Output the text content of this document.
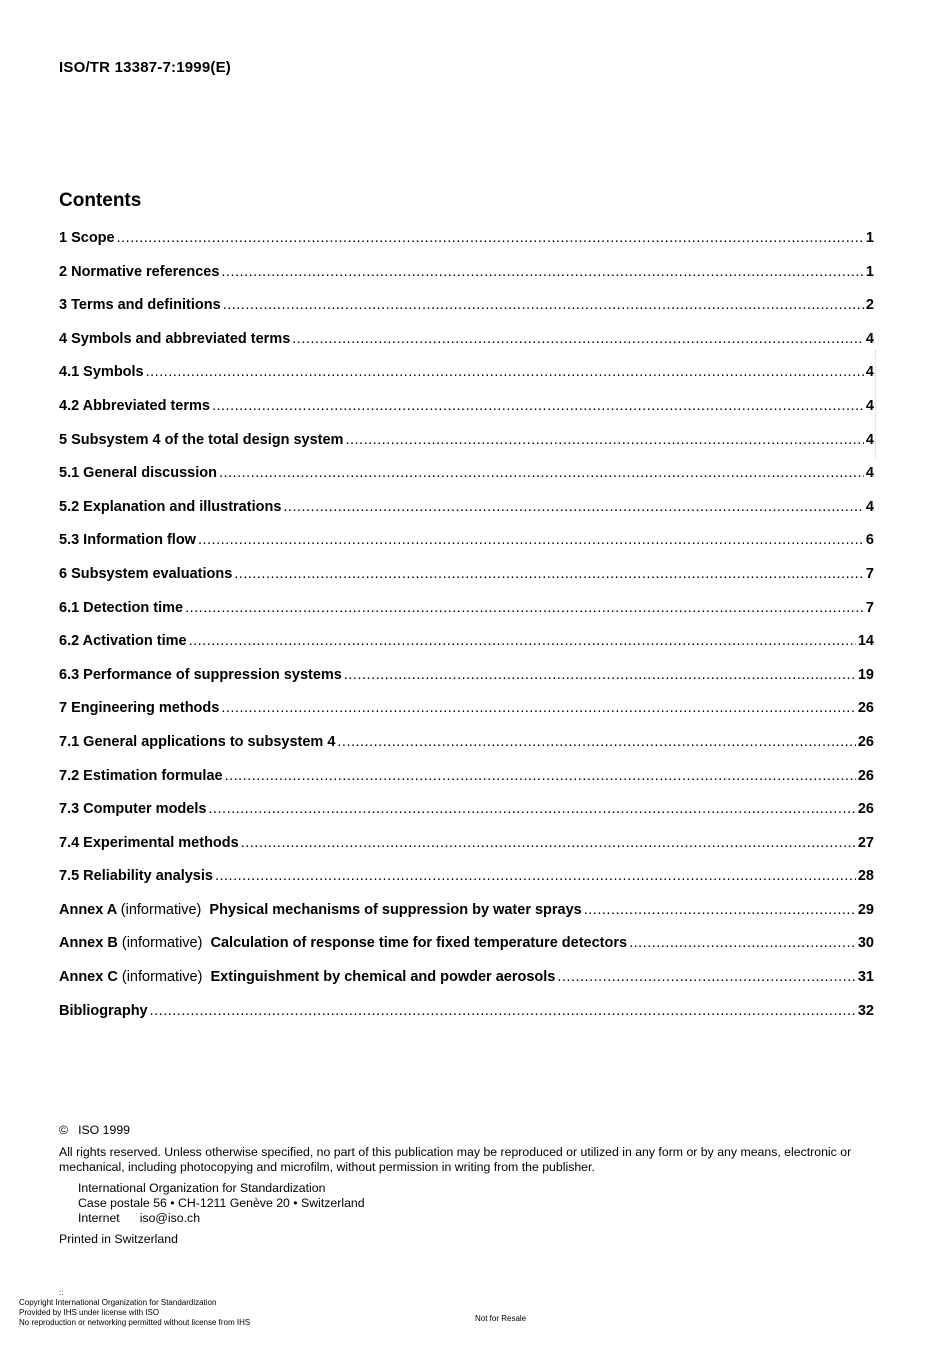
ISO/TR 13387-7:1999(E)
Contents
1 Scope .....	1
2 Normative references .....	1
3 Terms and definitions .....	2
4 Symbols and abbreviated terms .....	4
4.1 Symbols .....	4
4.2 Abbreviated terms .....	4
5 Subsystem 4 of the total design system .....	4
5.1 General discussion .....	4
5.2 Explanation and illustrations .....	4
5.3 Information flow .....	6
6 Subsystem evaluations .....	7
6.1 Detection time .....	7
6.2 Activation time .....	14
6.3 Performance of suppression systems .....	19
7 Engineering methods .....	26
7.1 General applications to subsystem 4 .....	26
7.2 Estimation formulae .....	26
7.3 Computer models .....	26
7.4 Experimental methods .....	27
7.5 Reliability analysis .....	28
Annex A (informative) Physical mechanisms of suppression by water sprays .....	29
Annex B (informative) Calculation of response time for fixed temperature detectors .....	30
Annex C (informative) Extinguishment by chemical and powder aerosols .....	31
Bibliography .....	32
© ISO 1999
All rights reserved. Unless otherwise specified, no part of this publication may be reproduced or utilized in any form or by any means, electronic or mechanical, including photocopying and microfilm, without permission in writing from the publisher.
International Organization for Standardization
Case postale 56 • CH-1211 Genève 20 • Switzerland
Internet iso@iso.ch
Printed in Switzerland
::
Copyright International Organization for Standardization
Provided by IHS under license with ISO
No reproduction or networking permitted without license from IHS	Not for Resale
